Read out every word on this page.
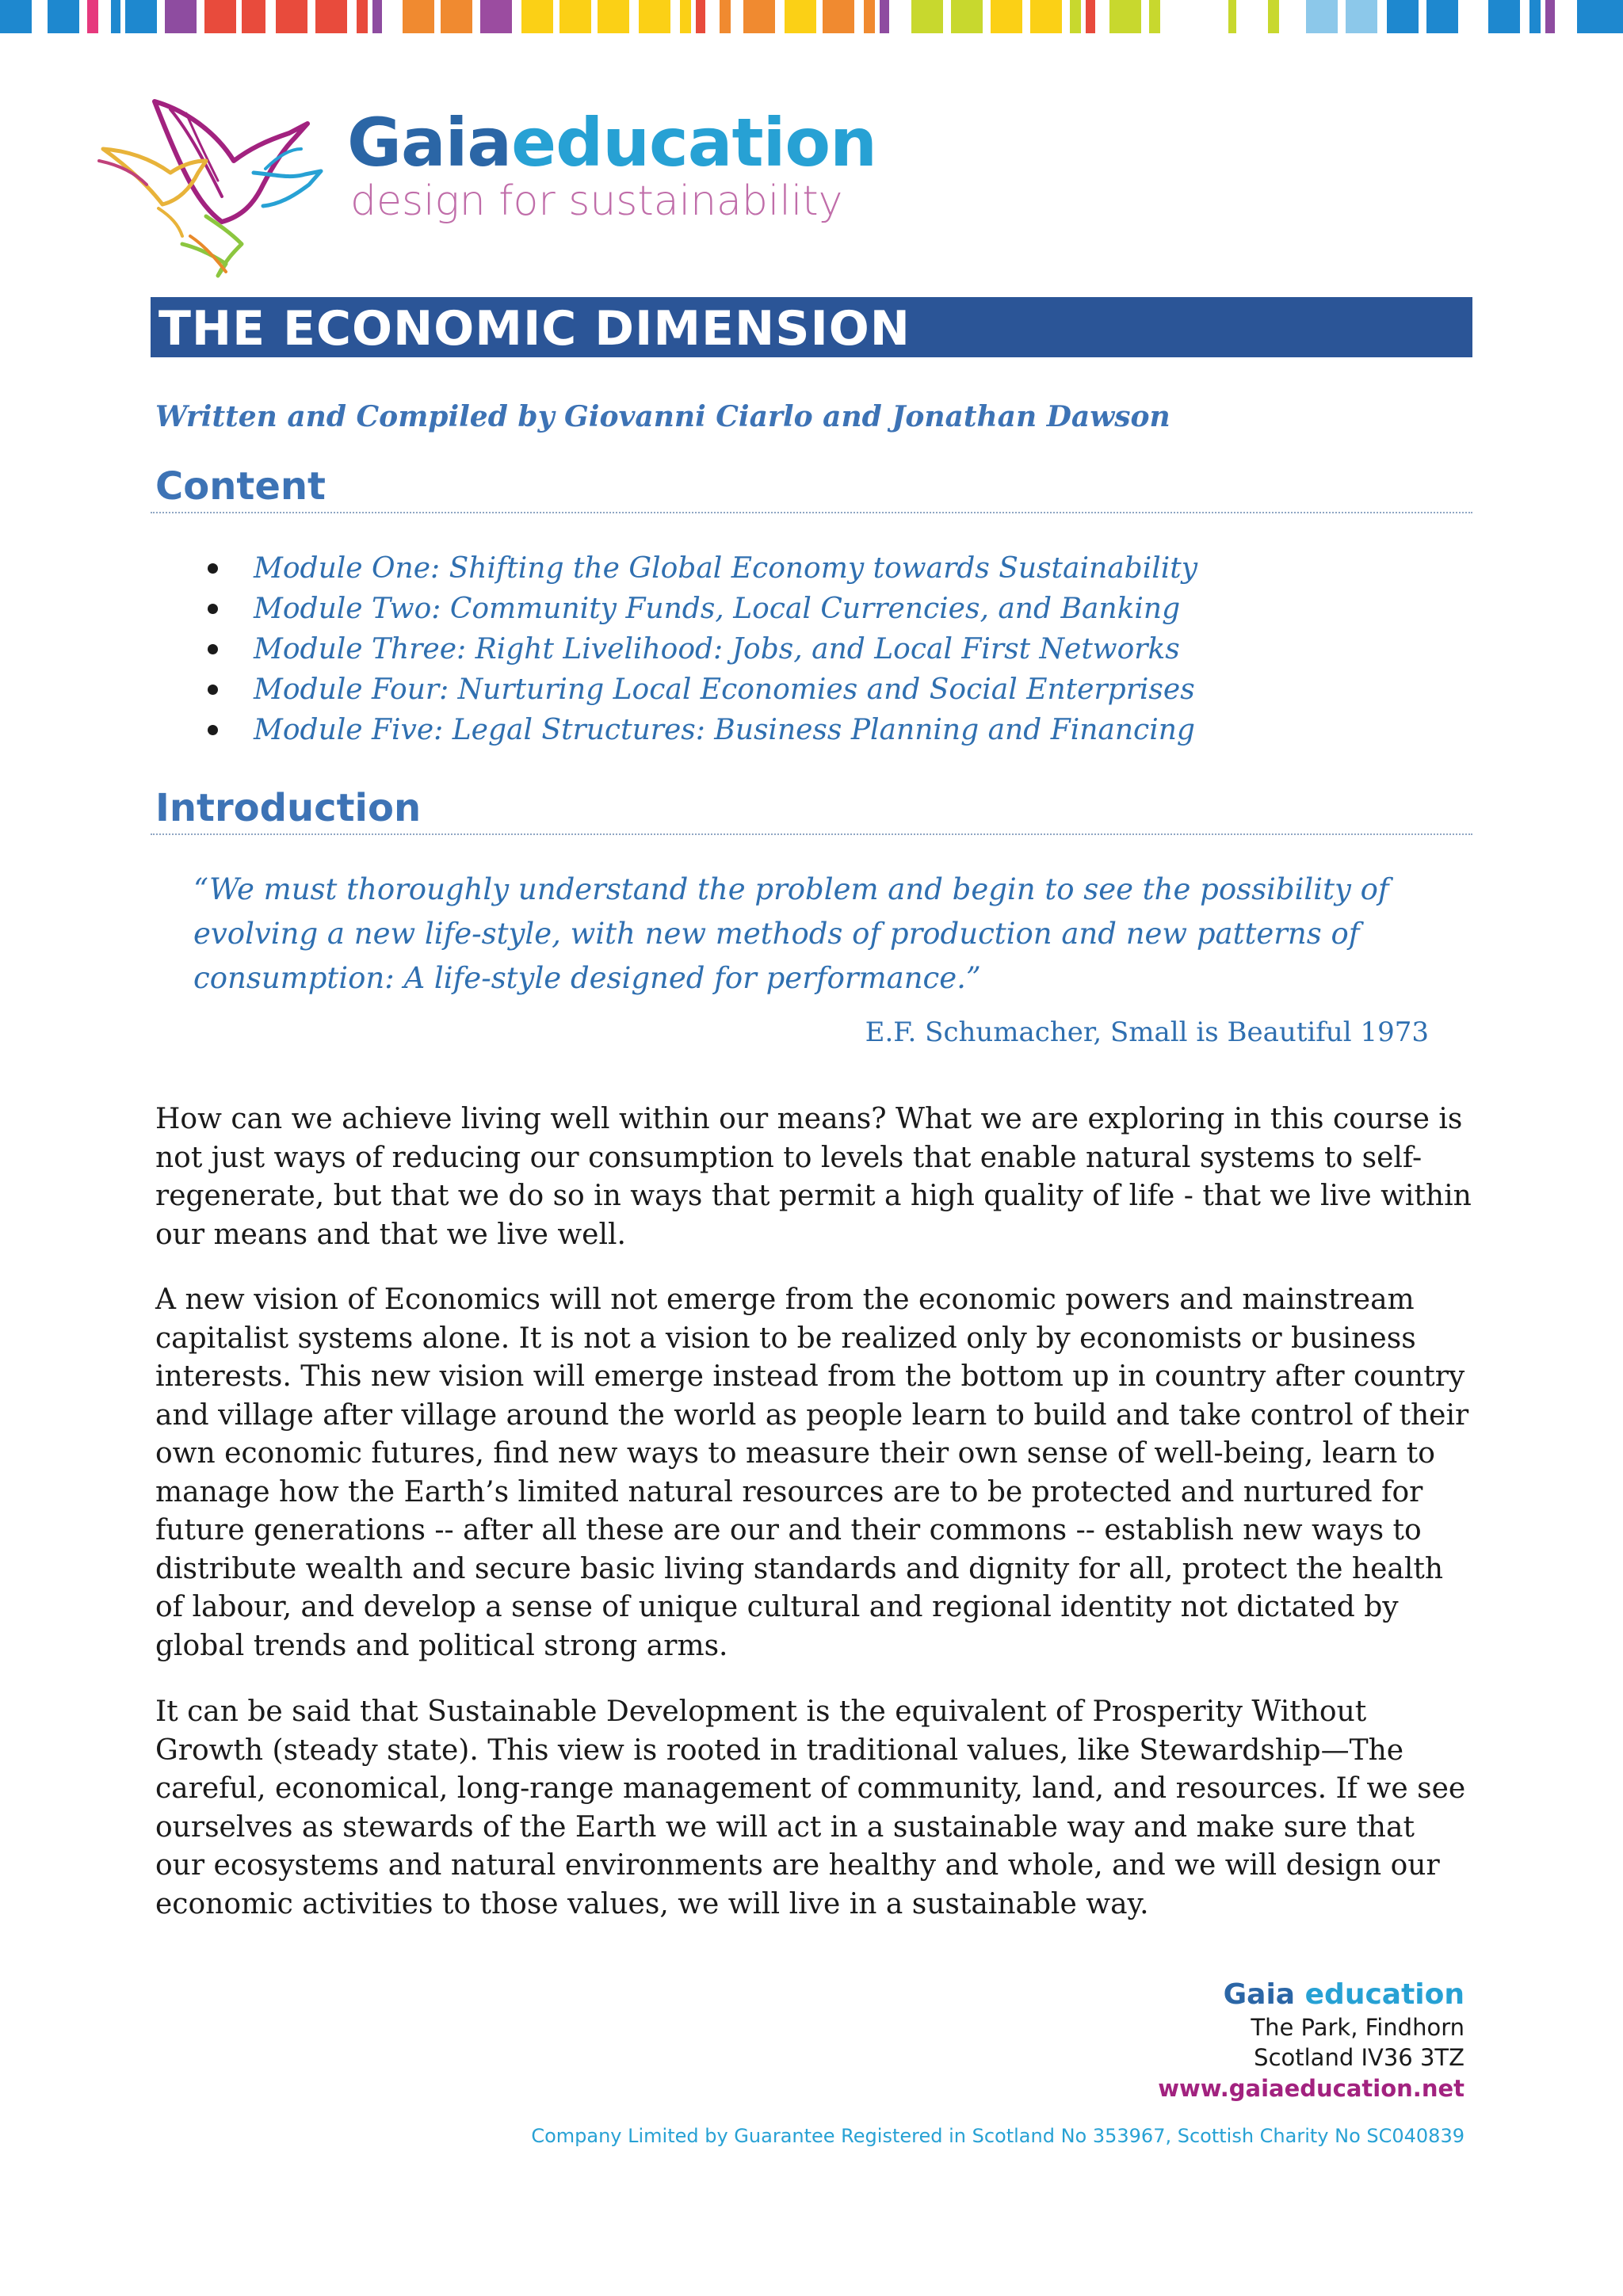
Gaiaeducation
design for sustainability
THE ECONOMIC DIMENSION
Written and Compiled by Giovanni Ciarlo and Jonathan Dawson
Content
Module One: Shifting the Global Economy towards Sustainability
Module Two: Community Funds, Local Currencies, and Banking
Module Three: Right Livelihood: Jobs, and Local First Networks
Module Four: Nurturing Local Economies and Social Enterprises
Module Five: Legal Structures: Business Planning and Financing
Introduction
“We must thoroughly understand the problem and begin to see the possibility of evolving a new life-style, with new methods of production and new patterns of consumption: A life-style designed for performance.”
E.F. Schumacher, Small is Beautiful 1973

How can we achieve living well within our means? What we are exploring in this course is not just ways of reducing our consumption to levels that enable natural systems to self-regenerate, but that we do so in ways that permit a high quality of life - that we live within our means and that we live well.

A new vision of Economics will not emerge from the economic powers and mainstream capitalist systems alone. It is not a vision to be realized only by economists or business interests. This new vision will emerge instead from the bottom up in country after country and village after village around the world as people learn to build and take control of their own economic futures, find new ways to measure their own sense of well-being, learn to manage how the Earth’s limited natural resources are to be protected and nurtured for future generations -- after all these are our and their commons -- establish new ways to distribute wealth and secure basic living standards and dignity for all, protect the health of labour, and develop a sense of unique cultural and regional identity not dictated by global trends and political strong arms.

It can be said that Sustainable Development is the equivalent of Prosperity Without Growth (steady state). This view is rooted in traditional values, like Stewardship—The careful, economical, long-range management of community, land, and resources. If we see ourselves as stewards of the Earth we will act in a sustainable way and make sure that our ecosystems and natural environments are healthy and whole, and we will design our economic activities to those values, we will live in a sustainable way.

Gaia education
The Park, Findhorn
Scotland IV36 3TZ
www.gaiaeducation.net
Company Limited by Guarantee Registered in Scotland No 353967, Scottish Charity No SC040839
